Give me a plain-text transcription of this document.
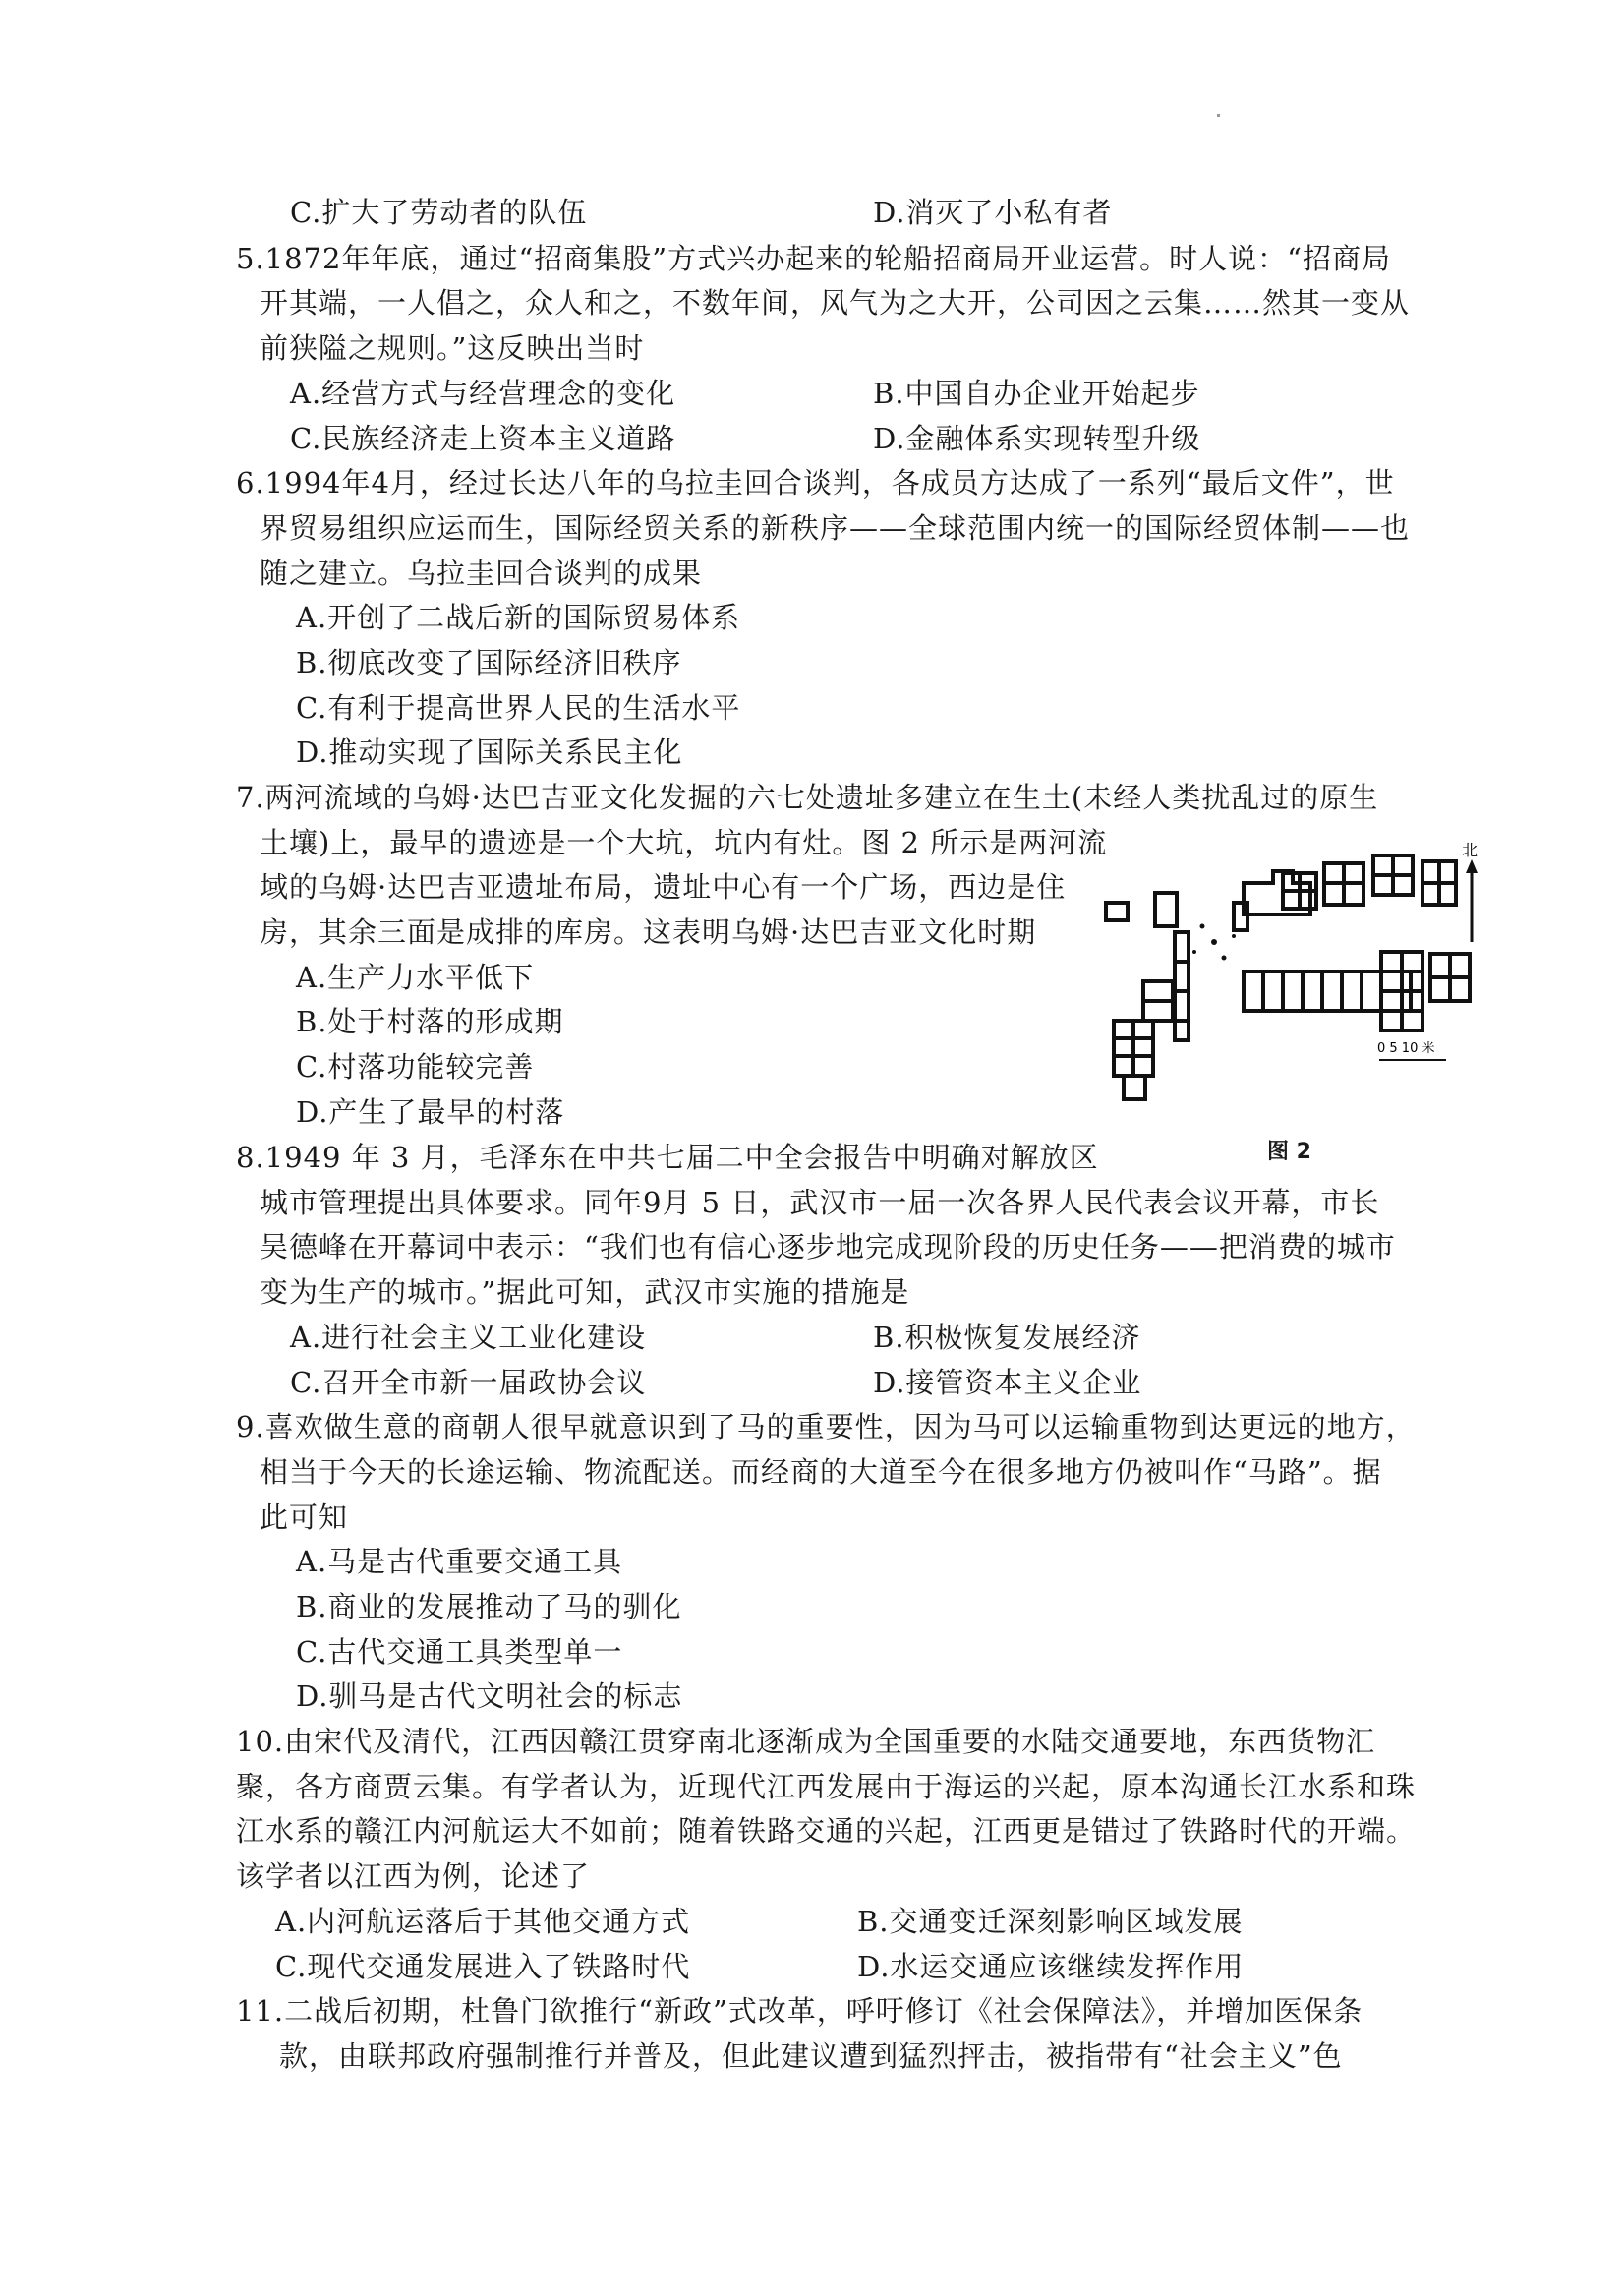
C.扩大了劳动者的队伍	D.消灭了小私有者
5.1872年年底，通过“招商集股”方式兴办起来的轮船招商局开业运营。时人说：“招商局
开其端，一人倡之，众人和之，不数年间，风气为之大开，公司因之云集……然其一变从
前狭隘之规则。”这反映出当时
A.经营方式与经营理念的变化	B.中国自办企业开始起步
C.民族经济走上资本主义道路	D.金融体系实现转型升级
6.1994年4月，经过长达八年的乌拉圭回合谈判，各成员方达成了一系列“最后文件”，世
界贸易组织应运而生，国际经贸关系的新秩序——全球范围内统一的国际经贸体制——也
随之建立。乌拉圭回合谈判的成果
A.开创了二战后新的国际贸易体系
B.彻底改变了国际经济旧秩序
C.有利于提高世界人民的生活水平
D.推动实现了国际关系民主化
7.两河流域的乌姆·达巴吉亚文化发掘的六七处遗址多建立在生土(未经人类扰乱过的原生
土壤)上，最早的遗迹是一个大坑，坑内有灶。图 2 所示是两河流
域的乌姆·达巴吉亚遗址布局，遗址中心有一个广场，西边是住
房，其余三面是成排的库房。这表明乌姆·达巴吉亚文化时期
A.生产力水平低下
B.处于村落的形成期
C.村落功能较完善
D.产生了最早的村落
北
0 5 10 米
图 2
8.1949 年 3 月，毛泽东在中共七届二中全会报告中明确对解放区
城市管理提出具体要求。同年9月 5 日，武汉市一届一次各界人民代表会议开幕，市长
吴德峰在开幕词中表示：“我们也有信心逐步地完成现阶段的历史任务——把消费的城市
变为生产的城市。”据此可知，武汉市实施的措施是
A.进行社会主义工业化建设	B.积极恢复发展经济
C.召开全市新一届政协会议	D.接管资本主义企业
9.喜欢做生意的商朝人很早就意识到了马的重要性，因为马可以运输重物到达更远的地方，
相当于今天的长途运输、物流配送。而经商的大道至今在很多地方仍被叫作“马路”。据
此可知
A.马是古代重要交通工具
B.商业的发展推动了马的驯化
C.古代交通工具类型单一
D.驯马是古代文明社会的标志
10.由宋代及清代，江西因赣江贯穿南北逐渐成为全国重要的水陆交通要地，东西货物汇
聚，各方商贾云集。有学者认为，近现代江西发展由于海运的兴起，原本沟通长江水系和珠
江水系的赣江内河航运大不如前；随着铁路交通的兴起，江西更是错过了铁路时代的开端。
该学者以江西为例，论述了
A.内河航运落后于其他交通方式	B.交通变迁深刻影响区域发展
C.现代交通发展进入了铁路时代	D.水运交通应该继续发挥作用
11.二战后初期，杜鲁门欲推行“新政”式改革，呼吁修订《社会保障法》，并增加医保条
款，由联邦政府强制推行并普及，但此建议遭到猛烈抨击，被指带有“社会主义”色
